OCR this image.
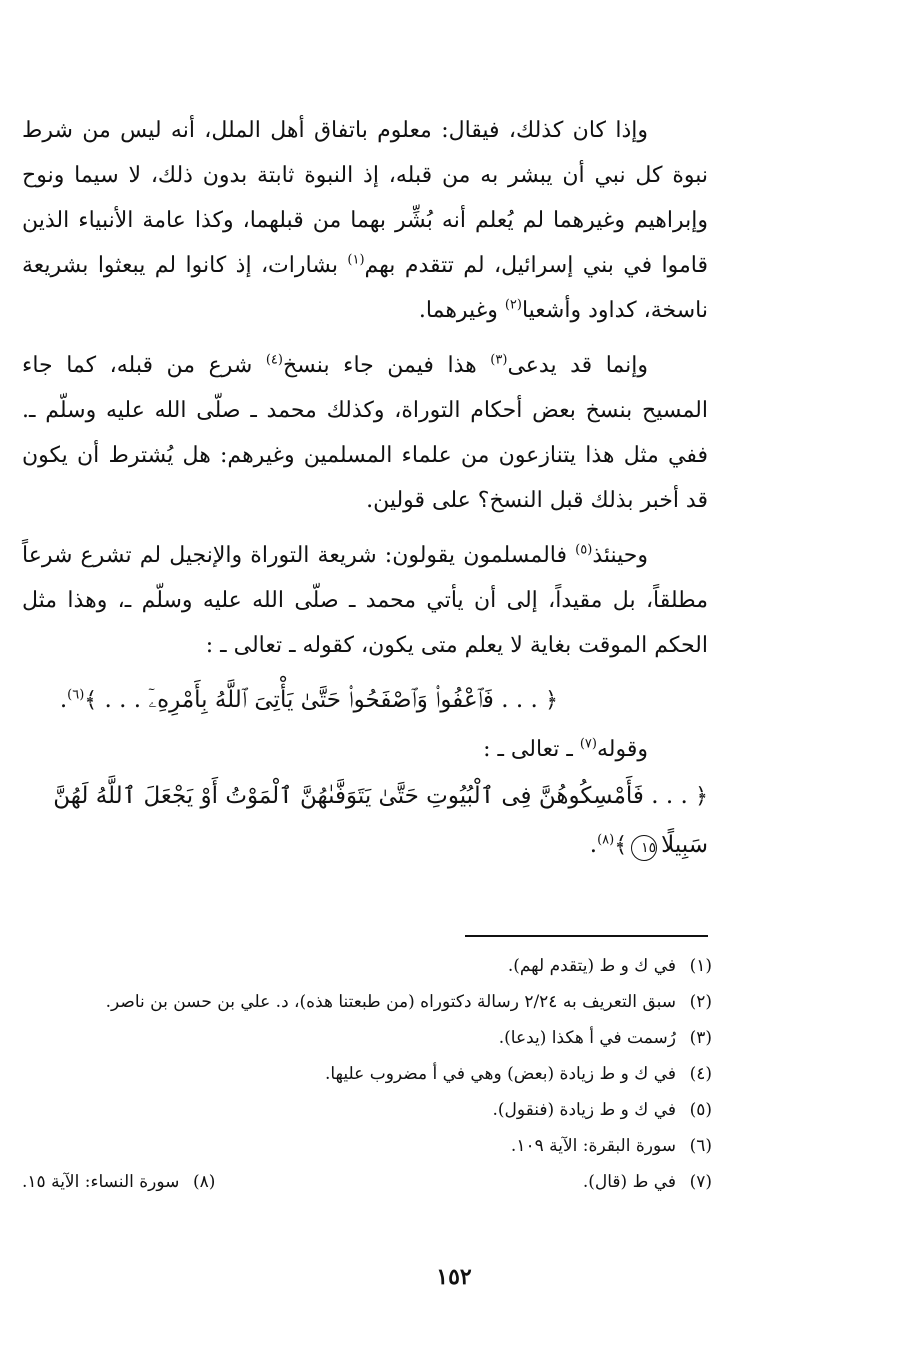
وإذا كان كذلك، فيقال: معلوم باتفاق أهل الملل، أنه ليس من شرط نبوة كل نبي أن يبشر به من قبله، إذ النبوة ثابتة بدون ذلك، لا سيما ونوح وإبراهيم وغيرهما لم يُعلم أنه بُشِّر بهما من قبلهما، وكذا عامة الأنبياء الذين قاموا في بني إسرائيل، لم تتقدم بهم$^{(١)}$ بشارات، إذ كانوا لم يبعثوا بشريعة ناسخة، كداود وأشعيا$^{(٢)}$ وغيرهما.

وإنما قد يدعى$^{(٣)}$ هذا فيمن جاء بنسخ$^{(٤)}$ شرع من قبله، كما جاء المسيح بنسخ بعض أحكام التوراة، وكذلك محمد ـ صلّى الله عليه وسلّم ـ. ففي مثل هذا يتنازعون من علماء المسلمين وغيرهم: هل يُشترط أن يكون قد أخبر بذلك قبل النسخ؟ على قولين.

وحينئذ$^{(٥)}$ فالمسلمون يقولون: شريعة التوراة والإنجيل لم تشرع شرعاً مطلقاً، بل مقيداً، إلى أن يأتي محمد ـ صلّى الله عليه وسلّم ـ، وهذا مثل الحكم الموقت بغاية لا يعلم متى يكون، كقوله ـ تعالى ـ :

﴿ . . . فَٱعْفُوا۟ وَٱصْفَحُوا۟ حَتَّىٰ يَأْتِىَ ٱللَّهُ بِأَمْرِهِۦٓ . . . ﴾$^{(٦)}$.

وقوله$^{(٧)}$ ـ تعالى ـ :

﴿ . . . فَأَمْسِكُوهُنَّ فِى ٱلْبُيُوتِ حَتَّىٰ يَتَوَفَّىٰهُنَّ ٱلْمَوْتُ أَوْ يَجْعَلَ ٱللَّهُ لَهُنَّ

سَبِيلًا١٥﴾$^{(٨)}$.

(١)
في ك و ط (يتقدم لهم).
(٢)
سبق التعريف به ٢/٢٤ رسالة دكتوراه (من طبعتنا هذه)، د. علي بن حسن بن ناصر.
(٣)
رُسمت في أ هكذا (يدعا).
(٤)
في ك و ط زيادة (بعض) وهي في أ مضروب عليها.
(٥)
في ك و ط زيادة (فنقول).
(٦)
سورة البقرة: الآية ١٠٩.
(٧)
في ط (قال).
(٨)
سورة النساء: الآية ١٥.
١٥٢
